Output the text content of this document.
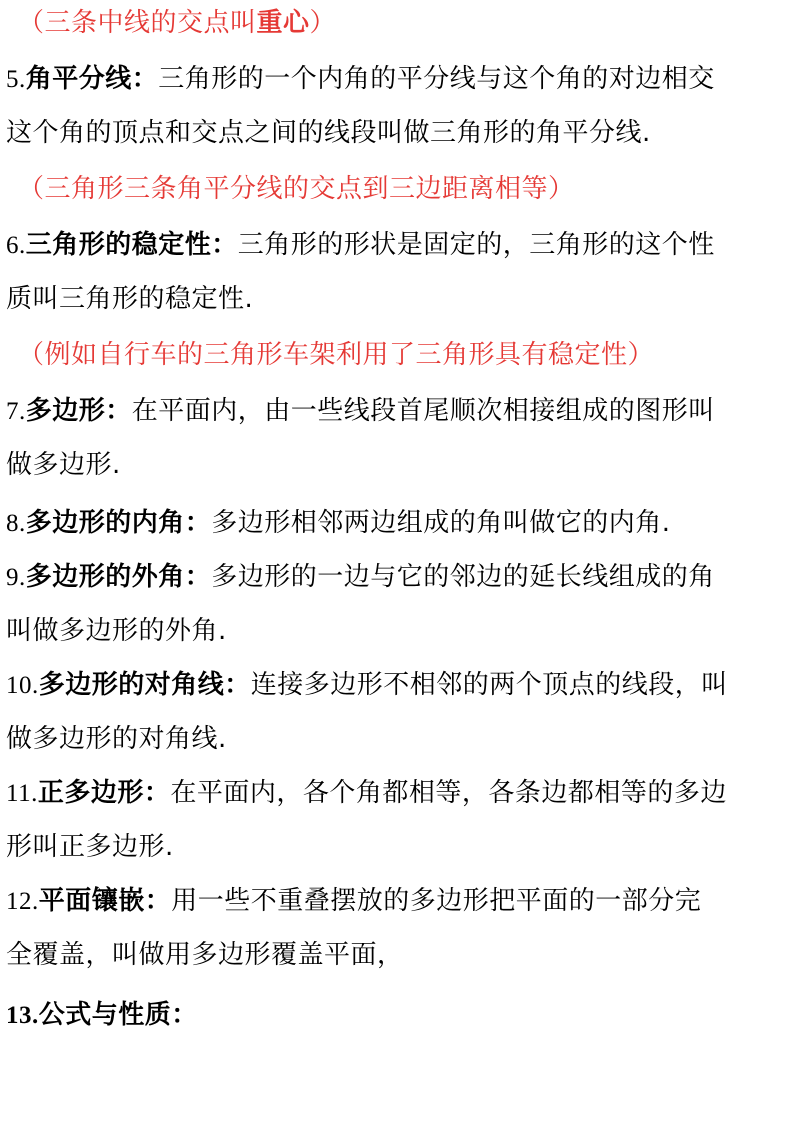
（三条中线的交点叫重心）
5.角平分线：三角形的一个内角的平分线与这个角的对边相交
这个角的顶点和交点之间的线段叫做三角形的角平分线.
（三角形三条角平分线的交点到三边距离相等）
6.三角形的稳定性：三角形的形状是固定的，三角形的这个性
质叫三角形的稳定性.
（例如自行车的三角形车架利用了三角形具有稳定性）
7.多边形：在平面内，由一些线段首尾顺次相接组成的图形叫
做多边形.
8.多边形的内角：多边形相邻两边组成的角叫做它的内角.
9.多边形的外角：多边形的一边与它的邻边的延长线组成的角
叫做多边形的外角.
10.多边形的对角线：连接多边形不相邻的两个顶点的线段，叫
做多边形的对角线.
11.正多边形：在平面内，各个角都相等，各条边都相等的多边
形叫正多边形.
12.平面镶嵌：用一些不重叠摆放的多边形把平面的一部分完
全覆盖，叫做用多边形覆盖平面，
13.公式与性质：
